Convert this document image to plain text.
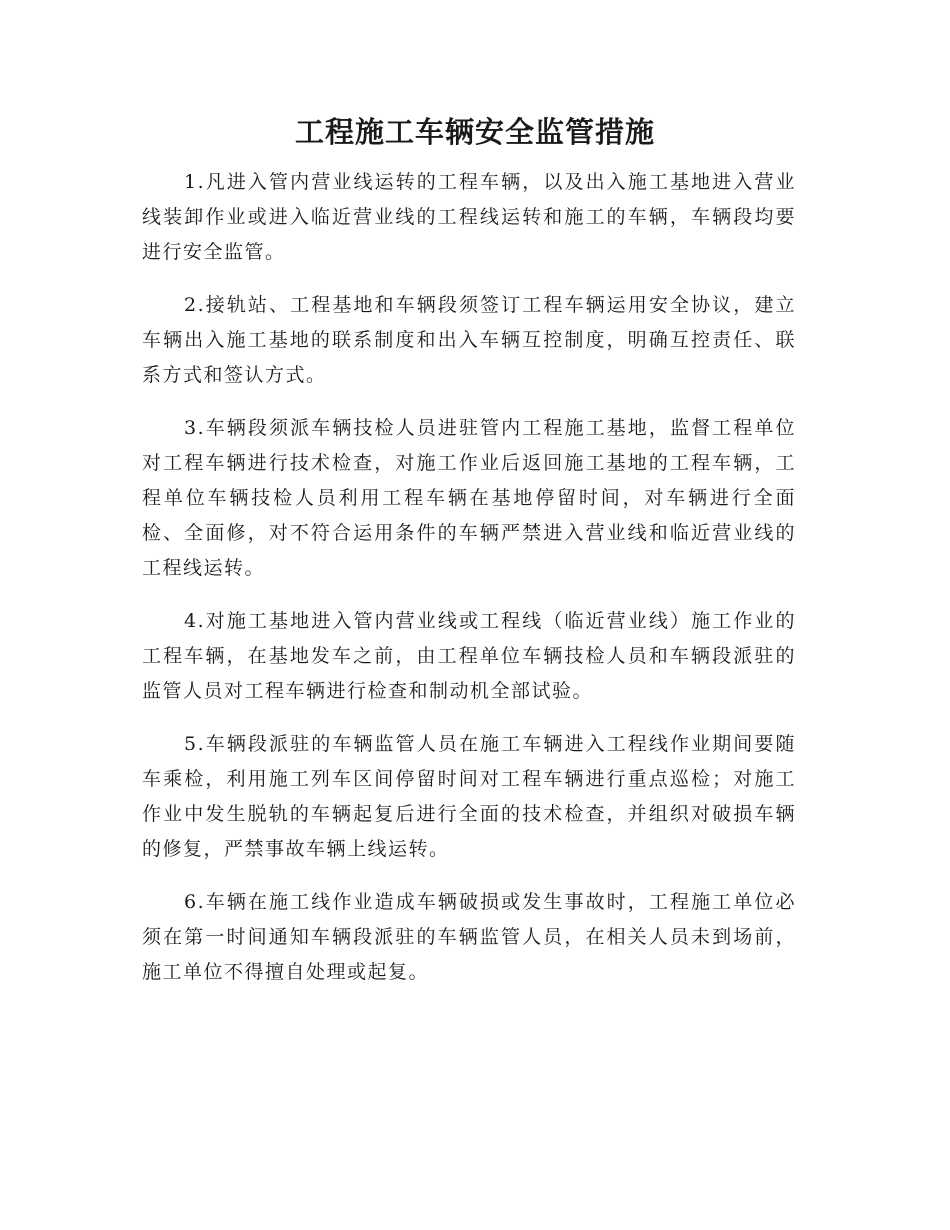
工程施工车辆安全监管措施

1.凡进入管内营业线运转的工程车辆，以及出入施工基地进入营业线装卸作业或进入临近营业线的工程线运转和施工的车辆，车辆段均要进行安全监管。

2.接轨站、工程基地和车辆段须签订工程车辆运用安全协议，建立车辆出入施工基地的联系制度和出入车辆互控制度，明确互控责任、联系方式和签认方式。

3.车辆段须派车辆技检人员进驻管内工程施工基地，监督工程单位对工程车辆进行技术检查，对施工作业后返回施工基地的工程车辆，工程单位车辆技检人员利用工程车辆在基地停留时间，对车辆进行全面检、全面修，对不符合运用条件的车辆严禁进入营业线和临近营业线的工程线运转。

4.对施工基地进入管内营业线或工程线（临近营业线）施工作业的工程车辆，在基地发车之前，由工程单位车辆技检人员和车辆段派驻的监管人员对工程车辆进行检查和制动机全部试验。

5.车辆段派驻的车辆监管人员在施工车辆进入工程线作业期间要随车乘检，利用施工列车区间停留时间对工程车辆进行重点巡检；对施工作业中发生脱轨的车辆起复后进行全面的技术检查，并组织对破损车辆的修复，严禁事故车辆上线运转。

6.车辆在施工线作业造成车辆破损或发生事故时，工程施工单位必须在第一时间通知车辆段派驻的车辆监管人员，在相关人员未到场前，施工单位不得擅自处理或起复。
